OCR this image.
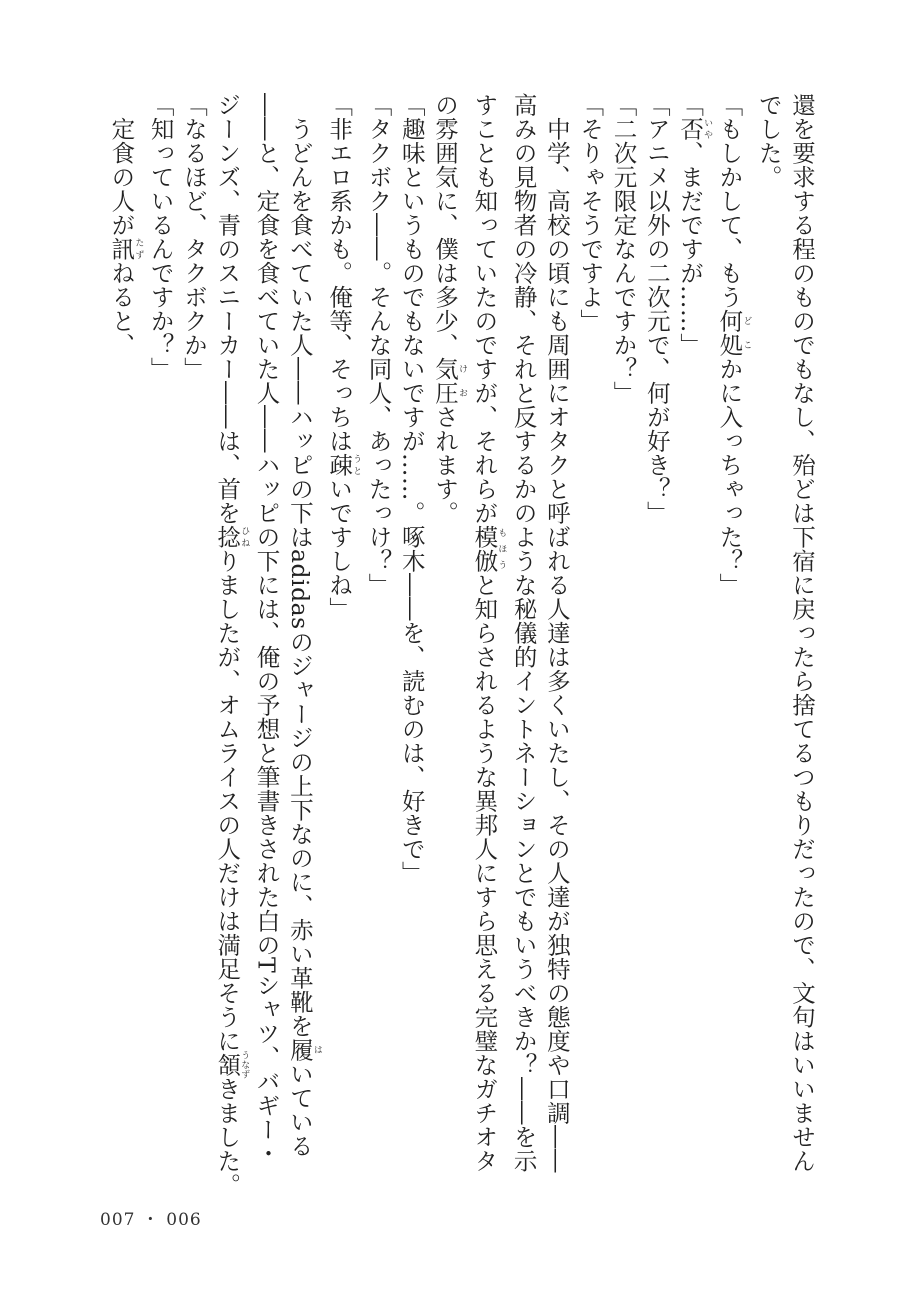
還を要求する程のものでもなし、殆どは下宿に戻ったら捨てるつもりだったので、文句はいいません
でした。
「もしかして、もう何処どこかに入っちゃった？」
「否いや、まだですが……」
「アニメ以外の二次元で、何が好き？」
「二次元限定なんですか？」
「そりゃそうですよ」
　中学、高校の頃にも周囲にオタクと呼ばれる人達は多くいたし、その人達が独特の態度や口調――
高みの見物者の冷静、それと反するかのような秘儀的イントネーションとでもいうべきか？――を示
すことも知っていたのですが、それらが模倣もほうと知らされるような異邦人にすら思える完璧なガチオタ
の雰囲気に、僕は多少、気圧けおされます。
「趣味というものでもないですが……。啄木――を、読むのは、好きで」
「タクボク――。そんな同人、あったっけ？」
「非エロ系かも。俺等、そっちは疎うといですしね」
　うどんを食べていた人――ハッピの下はadidasのジャージの上下なのに、赤い革靴を履はいている
――と、定食を食べていた人――ハッピの下には、俺の予想と筆書きされた白のTシャツ、バギー・
ジーンズ、青のスニーカー――は、首を捻ひねりましたが、オムライスの人だけは満足そうに頷うなずきました。
「なるほど、タクボクか」
「知っているんですか？」
　定食の人が訊たずねると、
007 ・ 006
